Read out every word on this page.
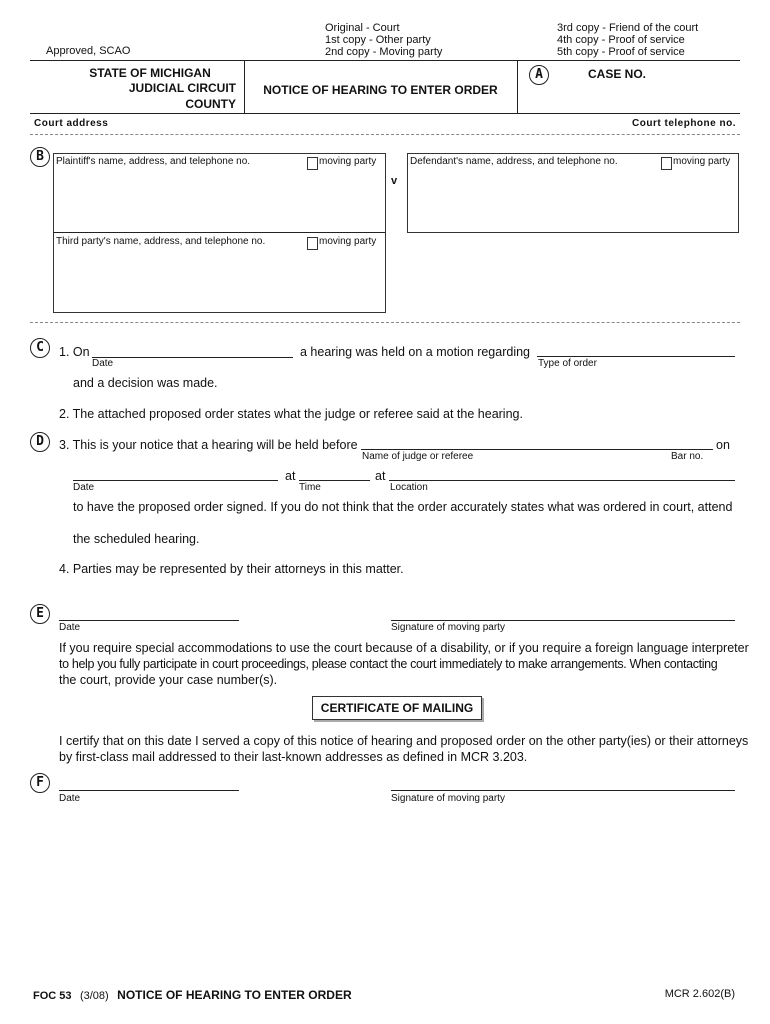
Approved, SCAO
Original - Court
1st copy - Other party
2nd copy - Moving party
3rd copy - Friend of the court
4th copy - Proof of service
5th copy - Proof of service
STATE OF MICHIGAN
JUDICIAL CIRCUIT
COUNTY
NOTICE OF HEARING TO ENTER ORDER
A	CASE NO.
Court address	Court telephone no.
B	Plaintiff's name, address, and telephone no.	moving party
Third party's name, address, and telephone no.	moving party
v
Defendant's name, address, and telephone no.	moving party
C	1. On
Date
a hearing was held on a motion regarding
Type of order
and a decision was made.
2. The attached proposed order states what the judge or referee said at the hearing.
D	3. This is your notice that a hearing will be held before	on
Name of judge or referee	Bar no.
at	at
Date	Time	Location
to have the proposed order signed. If you do not think that the order accurately states what was ordered in court, attend
the scheduled hearing.
4. Parties may be represented by their attorneys in this matter.
E
Date	Signature of moving party
If you require special accommodations to use the court because of a disability, or if you require a foreign language interpreter
to help you fully participate in court proceedings, please contact the court immediately to make arrangements. When contacting
the court, provide your case number(s).
CERTIFICATE OF MAILING
I certify that on this date I served a copy of this notice of hearing and proposed order on the other party(ies) or their attorneys
by first-class mail addressed to their last-known addresses as defined in MCR 3.203.
F
Date	Signature of moving party
FOC 53 (3/08) NOTICE OF HEARING TO ENTER ORDER	MCR 2.602(B)
